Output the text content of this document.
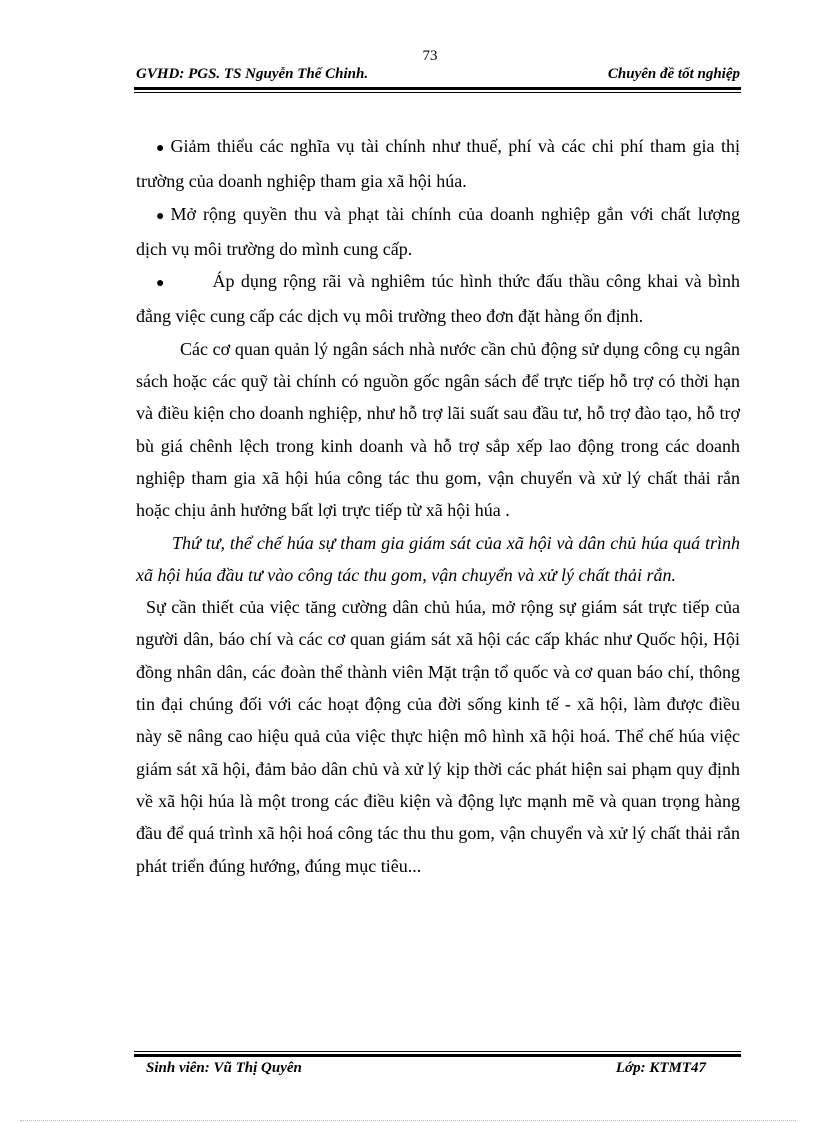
73
GVHD: PGS. TS Nguyễn Thế Chinh.	Chuyên đề tốt nghiệp

● Giảm thiểu các nghĩa vụ tài chính như thuế, phí và các chi phí tham gia thị trường của doanh nghiệp tham gia xã hội húa.

● Mở rộng quyền thu và phạt tài chính của doanh nghiệp gắn với chất lượng dịch vụ môi trường do mình cung cấp.

●	Áp dụng rộng rãi và nghiêm túc hình thức đấu thầu công khai và bình đẳng việc cung cấp các dịch vụ môi trường theo đơn đặt hàng ổn định.

Các cơ quan quản lý ngân sách nhà nước cần chủ động sử dụng công cụ ngân sách hoặc các quỹ tài chính có nguồn gốc ngân sách để trực tiếp hỗ trợ có thời hạn và điều kiện cho doanh nghiệp, như hỗ trợ lãi suất sau đầu tư, hỗ trợ đào tạo, hỗ trợ bù giá chênh lệch trong kinh doanh và hỗ trợ sắp xếp lao động trong các doanh nghiệp tham gia xã hội húa công tác thu gom, vận chuyển và xử lý chất thải rắn hoặc chịu ảnh hưởng bất lợi trực tiếp từ xã hội húa .

Thứ tư, thể chế húa sự tham gia giám sát của xã hội và dân chủ húa quá trình xã hội húa đầu tư vào công tác thu gom, vận chuyển và xử lý chất thải rắn.

Sự cần thiết của việc tăng cường dân chủ húa, mở rộng sự giám sát trực tiếp của người dân, báo chí và các cơ quan giám sát xã hội các cấp khác như Quốc hội, Hội đồng nhân dân, các đoàn thể thành viên Mặt trận tổ quốc và cơ quan báo chí, thông tin đại chúng đối với các hoạt động của đời sống kinh tế - xã hội, làm được điều này sẽ nâng cao hiệu quả của việc thực hiện mô hình xã hội hoá. Thể chế húa việc giám sát xã hội, đảm bảo dân chủ và xử lý kịp thời các phát hiện sai phạm quy định về xã hội húa là một trong các điều kiện và động lực mạnh mẽ và quan trọng hàng đầu để quá trình xã hội hoá công tác thu thu gom, vận chuyển và xử lý chất thải rắn phát triển đúng hướng, đúng mục tiêu...

Sinh viên: Vũ Thị Quyên	Lớp: KTMT47
